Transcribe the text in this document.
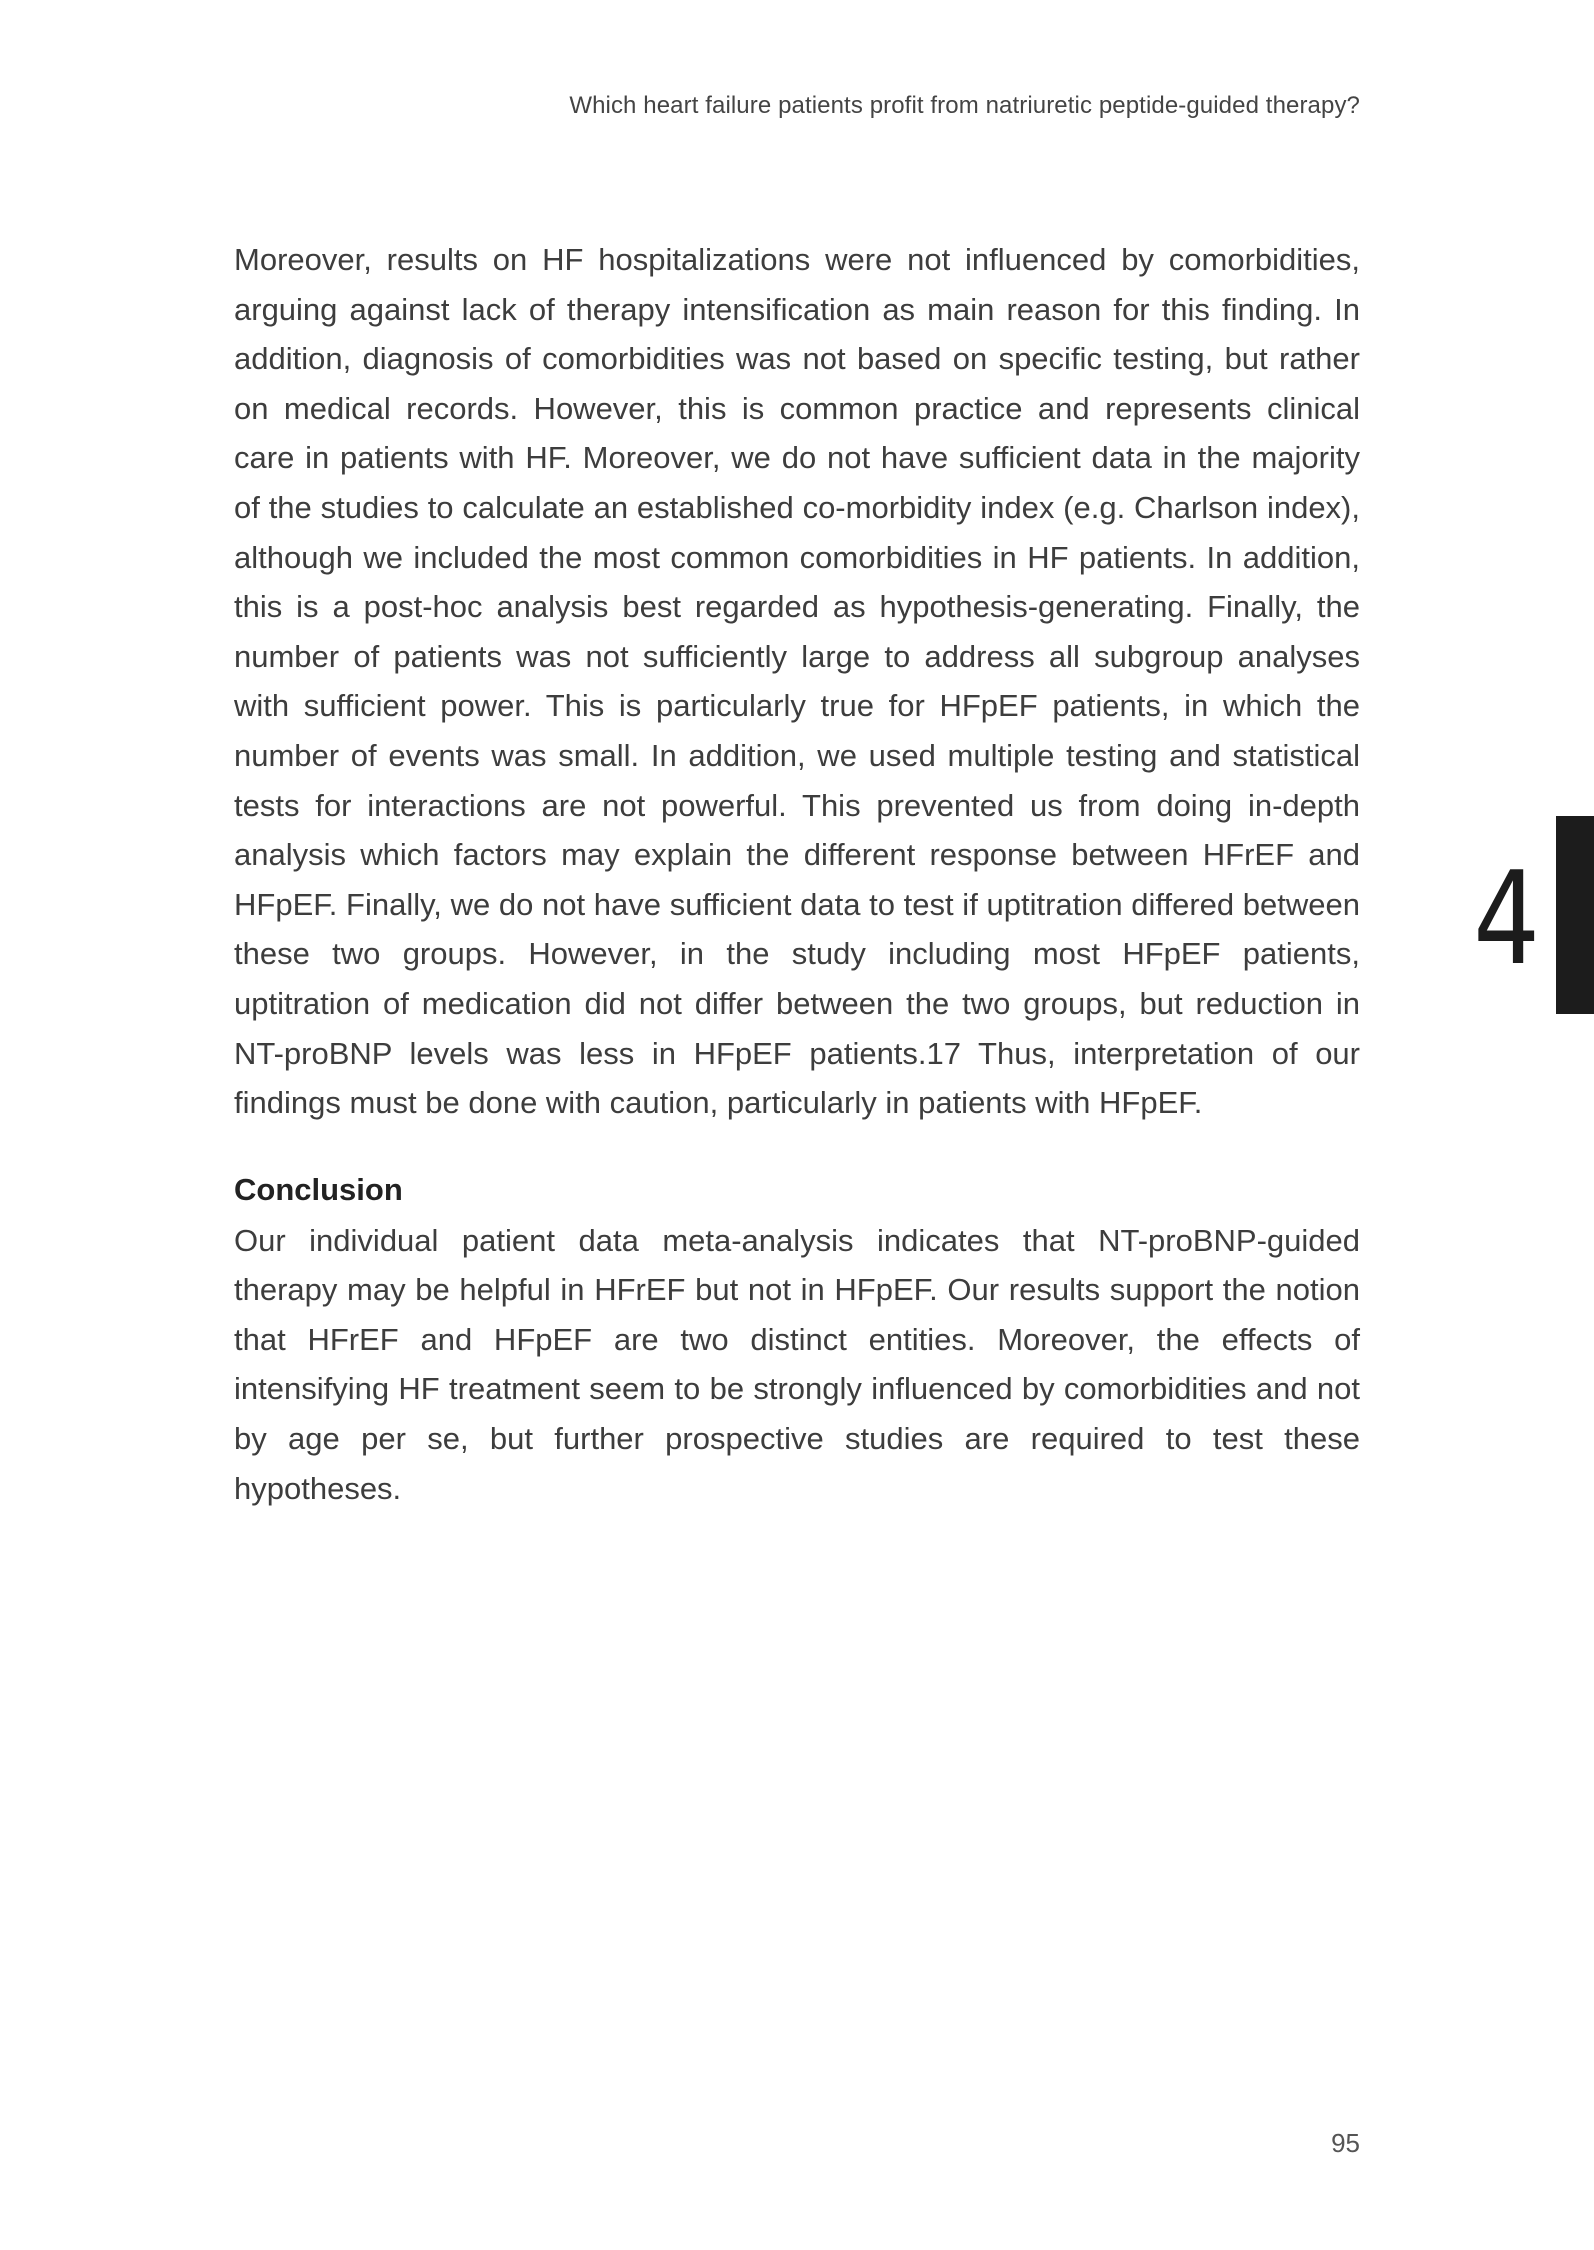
Which heart failure patients profit from natriuretic peptide-guided therapy?

Moreover, results on HF hospitalizations were not influenced by comorbidities, arguing against lack of therapy intensification as main reason for this finding. In addition, diagnosis of comorbidities was not based on specific testing, but rather on medical records. However, this is common practice and represents clinical care in patients with HF. Moreover, we do not have sufficient data in the majority of the studies to calculate an established co-morbidity index (e.g. Charlson index), although we included the most common comorbidities in HF patients. In addition, this is a post-hoc analysis best regarded as hypothesis-generating. Finally, the number of patients was not sufficiently large to address all subgroup analyses with sufficient power. This is particularly true for HFpEF patients, in which the number of events was small. In addition, we used multiple testing and statistical tests for interactions are not powerful. This prevented us from doing in-depth analysis which factors may explain the different response between HFrEF and HFpEF. Finally, we do not have sufficient data to test if uptitration differed between these two groups. However, in the study including most HFpEF patients, uptitration of medication did not differ between the two groups, but reduction in NT-proBNP levels was less in HFpEF patients.17 Thus, interpretation of our findings must be done with caution, particularly in patients with HFpEF.

Conclusion

Our individual patient data meta-analysis indicates that NT-proBNP-guided therapy may be helpful in HFrEF but not in HFpEF. Our results support the notion that HFrEF and HFpEF are two distinct entities. Moreover, the effects of intensifying HF treatment seem to be strongly influenced by comorbidities and not by age per se, but further prospective studies are required to test these hypotheses.

4
95
